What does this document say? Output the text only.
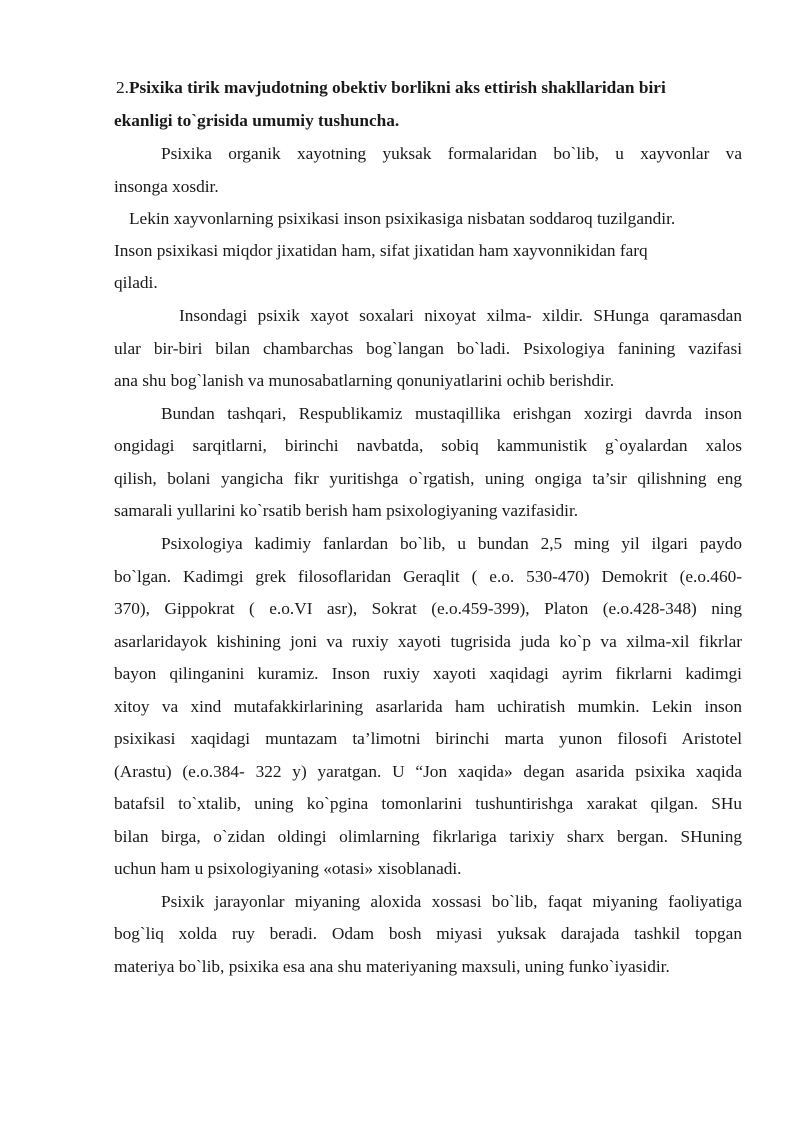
2.Psixika tirik mavjudotning obektiv borlikni aks ettirish shakllaridan biri
ekanligi to`grisida umumiy tushuncha.
Psixika organik xayotning yuksak formalaridan bo`lib, u xayvonlar va
insonga xosdir.
Lekin xayvonlarning psixikasi inson psixikasiga nisbatan soddaroq tuzilgandir.
Inson psixikasi miqdor jixatidan ham, sifat jixatidan ham xayvonnikidan farq
qiladi.
Insondagi psixik xayot soxalari nixoyat xilma- xildir. SHunga qaramasdan
ular bir-biri bilan chambarchas bog`langan bo`ladi. Psixologiya fanining vazifasi
ana shu bog`lanish va munosabatlarning qonuniyatlarini ochib berishdir.
Bundan tashqari, Respublikamiz mustaqillika erishgan xozirgi davrda inson
ongidagi sarqitlarni, birinchi navbatda, sobiq kammunistik g`oyalardan xalos
qilish, bolani yangicha fikr yuritishga o`rgatish, uning ongiga ta’sir qilishning eng
samarali yullarini ko`rsatib berish ham psixologiyaning vazifasidir.
Psixologiya kadimiy fanlardan bo`lib, u bundan 2,5 ming yil ilgari paydo
bo`lgan. Kadimgi grek filosoflaridan Geraqlit ( e.o. 530-470) Demokrit (e.o.460-
370), Gippokrat ( e.o.VI asr), Sokrat (e.o.459-399), Platon (e.o.428-348) ning
asarlaridayok kishining joni va ruxiy xayoti tugrisida juda ko`p va xilma-xil fikrlar
bayon qilinganini kuramiz. Inson ruxiy xayoti xaqidagi ayrim fikrlarni kadimgi
xitoy va xind mutafakkirlarining asarlarida ham uchiratish mumkin. Lekin inson
psixikasi xaqidagi muntazam ta’limotni birinchi marta yunon filosofi Aristotel
(Arastu) (e.o.384- 322 y) yaratgan. U “Jon xaqida» degan asarida psixika xaqida
batafsil to`xtalib, uning ko`pgina tomonlarini tushuntirishga xarakat qilgan. SHu
bilan birga, o`zidan oldingi olimlarning fikrlariga tarixiy sharx bergan. SHuning
uchun ham u psixologiyaning «otasi» xisoblanadi.
Psixik jarayonlar miyaning aloxida xossasi bo`lib, faqat miyaning faoliyatiga
bog`liq xolda ruy beradi. Odam bosh miyasi yuksak darajada tashkil topgan
materiya bo`lib, psixika esa ana shu materiyaning maxsuli, uning funko`iyasidir.
